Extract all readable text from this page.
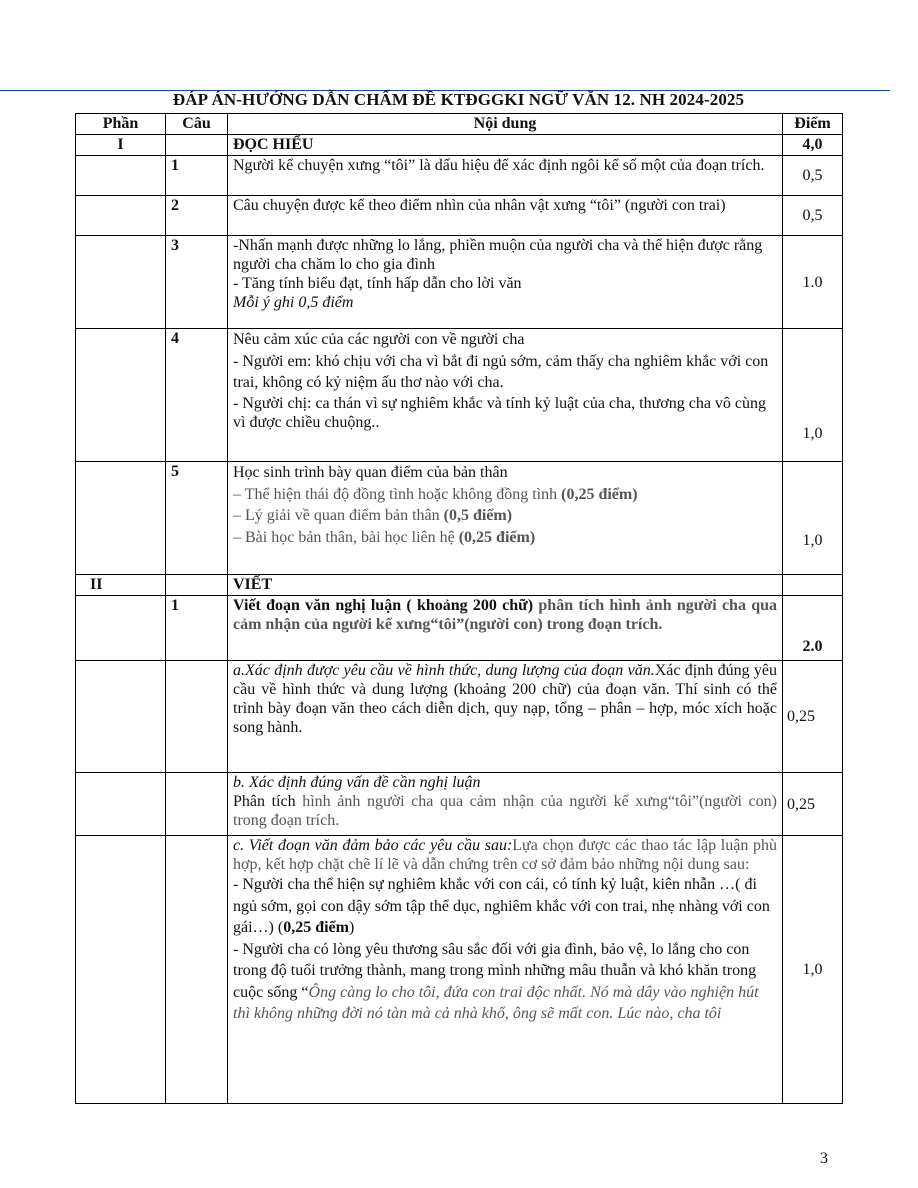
ĐÁP ÁN-HƯỚNG DẪN CHẤM ĐỀ KTĐGGKI NGỮ VĂN 12. NH 2024-2025
Phần	Câu	Nội dung	Điểm
I		ĐỌC HIỂU	4,0
	1	Người kể chuyện xưng “tôi” là dấu hiệu để xác định ngôi kể số một của đoạn trích.	0,5
	2	Câu chuyện được kể theo điểm nhìn của nhân vật xưng “tôi” (người con trai)	0,5
	3	-Nhấn mạnh được những lo lắng, phiền muộn của người cha và thể hiện được rằng người cha chăm lo cho gia đình

- Tăng tính biểu đạt, tính hấp dẫn cho lời văn

Mỗi ý ghi 0,5 điểm	1.0
	4	Nêu cảm xúc của các người con về người cha

- Người em: khó chịu với cha vì bắt đi ngủ sớm, cảm thấy cha nghiêm khắc với con trai, không có kỷ niệm ấu thơ nào với cha.

- Người chị: ca thán vì sự nghiêm khắc và tính kỷ luật của cha, thương cha vô cùng vì được chiều chuộng..	1,0
	5	Học sinh trình bày quan điểm của bản thân

– Thể hiện thái độ đồng tình hoặc không đồng tình (0,25 điểm)

– Lý giải về quan điểm bản thân (0,5 điểm)

– Bài học bản thân, bài học liên hệ (0,25 điểm)	1,0
II		VIẾT	
	1	Viết đoạn văn nghị luận ( khoảng 200 chữ) phân tích hình ảnh người cha qua cảm nhận của người kể xưng“tôi”(người con) trong đoạn trích.	2.0
		a.Xác định được yêu cầu về hình thức, dung lượng của đoạn văn.Xác định đúng yêu cầu về hình thức và dung lượng (khoảng 200 chữ) của đoạn văn. Thí sinh có thể trình bày đoạn văn theo cách diễn dịch, quy nạp, tổng – phân – hợp, móc xích hoặc song hành.	0,25

		b. Xác định đúng vấn đề cần nghị luận

Phân tích hình ảnh người cha qua cảm nhận của người kể xưng“tôi”(người con) trong đoạn trích.	0,25

		c. Viết đoạn văn đảm bảo các yêu cầu sau:Lựa chọn được các thao tác lập luận phù hợp, kết hợp chặt chẽ lí lẽ và dẫn chứng trên cơ sở đảm bảo những nội dung sau:

- Người cha thể hiện sự nghiêm khắc với con cái, có tính kỷ luật, kiên nhẫn …( đi ngủ sớm, gọi con dậy sớm tập thể dục, nghiêm khắc với con trai, nhẹ nhàng với con gái…) (0,25 điểm)

- Người cha có lòng yêu thương sâu sắc đối với gia đình, bảo vệ, lo lắng cho con trong độ tuổi trưởng thành, mang trong mình những mâu thuẫn và khó khăn trong cuộc sống “Ông càng lo cho tôi, đứa con trai độc nhất. Nó mà dây vào nghiện hút thì không những đời nó tàn mà cả nhà khổ, ông sẽ mất con. Lúc nào, cha tôi	1,0
3
